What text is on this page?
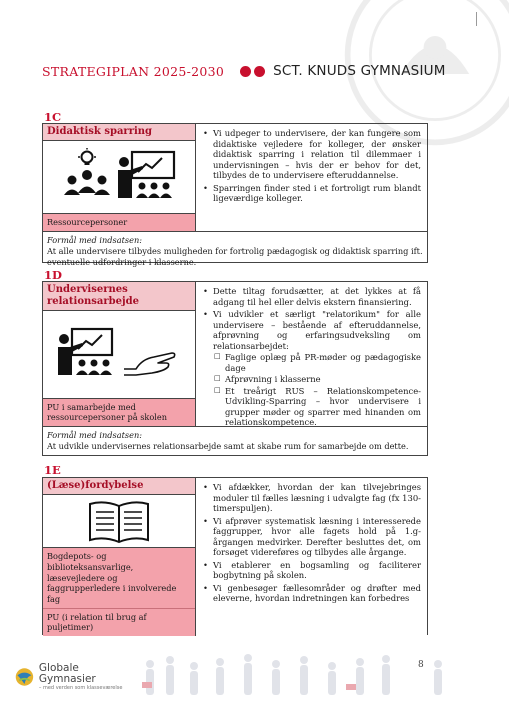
STRATEGIPLAN 2025-2030	SCT. KNUDS GYMNASIUM
1C
Didaktisk sparring
Ressourcepersoner
• Vi udpeger to undervisere, der kan fungere som didaktiske vejledere for kolleger, der ønsker didaktisk sparring i relation til dilemmaer i undervisningen – hvis der er behov for det, tilbydes de to undervisere efteruddannelse.
• Sparringen finder sted i et fortroligt rum blandt ligeværdige kolleger.
Formål med indsatsen:
At alle undervisere tilbydes muligheden for fortrolig pædagogisk og didaktisk sparring ift. eventuelle udfordringer i klasserne.
1D
Undervisernes relationsarbejde
PU i samarbejde med ressourcepersoner på skolen
• Dette tiltag forudsætter, at det lykkes at få adgang til hel eller delvis ekstern finansiering.
• Vi udvikler et særligt "relatorikum" for alle undervisere – bestående af efteruddannelse, afprøvning og erfaringsudveksling om relationsarbejdet:
□ Faglige oplæg på PR-møder og pædagogiske dage
□ Afprøvning i klasserne
□ Et treårigt RUS – Relationskompetence-Udvikling-Sparring – hvor undervisere i grupper møder og sparrer med hinanden om relationskompetence.
Formål med indsatsen:
At udvikle undervisernes relationsarbejde samt at skabe rum for samarbejde om dette.
1E
(Læse)fordybelse
Bogdepots- og biblioteksansvarlige, læsevejledere og faggrupperledere i involverede fag
PU (i relation til brug af puljetimer)
• Vi afdækker, hvordan der kan tilvejebringes moduler til fælles læsning i udvalgte fag (fx 130-timerspuljen).
• Vi afprøver systematisk læsning i interesserede faggrupper, hvor alle fagets hold på 1.g-årgangen medvirker. Derefter besluttes det, om forsøget videreføres og tilbydes alle årgange.
• Vi etablerer en bogsamling og faciliterer bogbytning på skolen.
• Vi genbesøger fællesområder og drøfter med eleverne, hvordan indretningen kan forbedres
Globale Gymnasier
– med verden som klasseværelse
8
